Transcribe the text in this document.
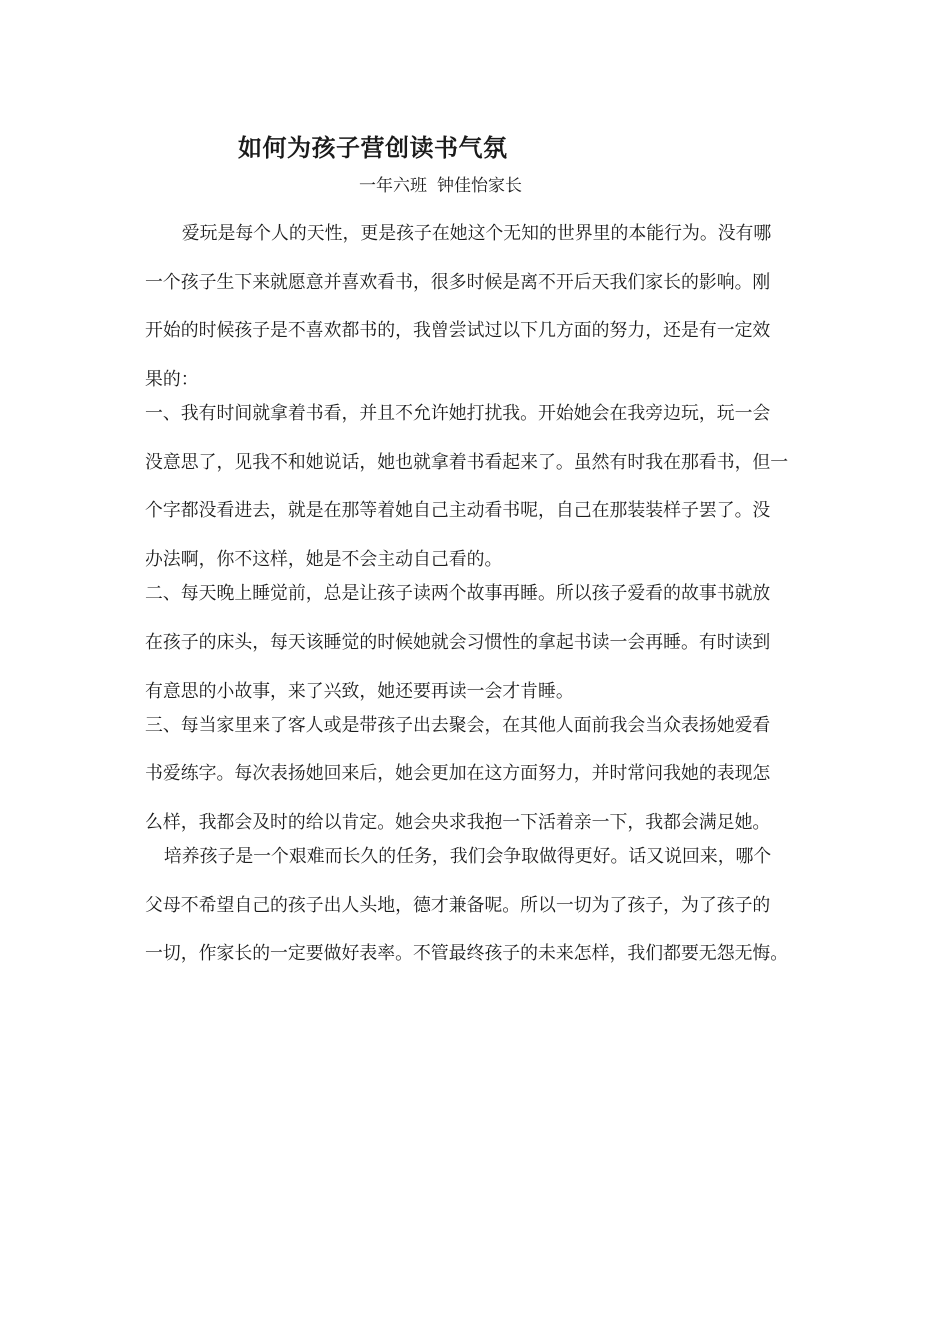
如何为孩子营创读书气氛
一年六班 钟佳怡家长
爱玩是每个人的天性，更是孩子在她这个无知的世界里的本能行为。没有哪
一个孩子生下来就愿意并喜欢看书，很多时候是离不开后天我们家长的影响。刚
开始的时候孩子是不喜欢都书的，我曾尝试过以下几方面的努力，还是有一定效
果的：
一、我有时间就拿着书看，并且不允许她打扰我。开始她会在我旁边玩，玩一会
没意思了，见我不和她说话，她也就拿着书看起来了。虽然有时我在那看书，但一
个字都没看进去，就是在那等着她自己主动看书呢，自己在那装装样子罢了。没
办法啊，你不这样，她是不会主动自己看的。
二、每天晚上睡觉前，总是让孩子读两个故事再睡。所以孩子爱看的故事书就放
在孩子的床头，每天该睡觉的时候她就会习惯性的拿起书读一会再睡。有时读到
有意思的小故事，来了兴致，她还要再读一会才肯睡。
三、每当家里来了客人或是带孩子出去聚会，在其他人面前我会当众表扬她爱看
书爱练字。每次表扬她回来后，她会更加在这方面努力，并时常问我她的表现怎
么样，我都会及时的给以肯定。她会央求我抱一下活着亲一下，我都会满足她。
培养孩子是一个艰难而长久的任务，我们会争取做得更好。话又说回来，哪个
父母不希望自己的孩子出人头地，德才兼备呢。所以一切为了孩子，为了孩子的
一切，作家长的一定要做好表率。不管最终孩子的未来怎样，我们都要无怨无悔。
